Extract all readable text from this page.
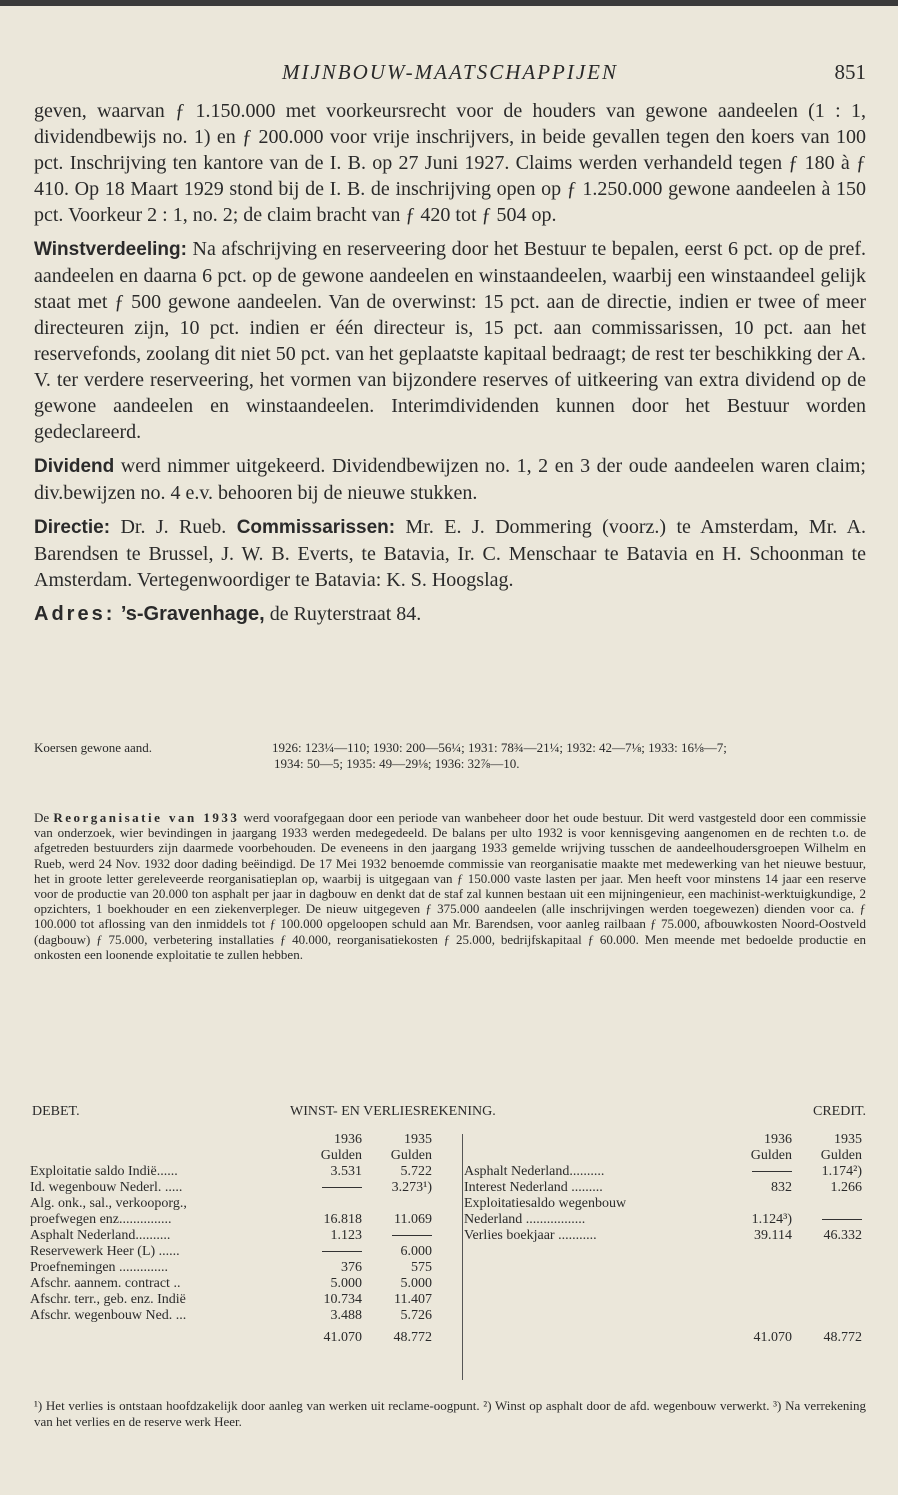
MIJNBOUW-MAATSCHAPPIJEN	851

geven, waarvan ƒ 1.150.000 met voorkeursrecht voor de houders van gewone aandeelen (1 : 1, dividendbewijs no. 1) en ƒ 200.000 voor vrije inschrijvers, in beide gevallen tegen den koers van 100 pct. Inschrijving ten kantore van de I. B. op 27 Juni 1927. Claims werden verhandeld tegen ƒ 180 à ƒ 410. Op 18 Maart 1929 stond bij de I. B. de inschrijving open op ƒ 1.250.000 gewone aandeelen à 150 pct. Voorkeur 2 : 1, no. 2; de claim bracht van ƒ 420 tot ƒ 504 op.

Winstverdeeling: Na afschrijving en reserveering door het Bestuur te bepalen, eerst 6 pct. op de pref. aandeelen en daarna 6 pct. op de gewone aandeelen en winstaandeelen, waarbij een winstaandeel gelijk staat met ƒ 500 gewone aandeelen. Van de overwinst: 15 pct. aan de directie, indien er twee of meer directeuren zijn, 10 pct. indien er één directeur is, 15 pct. aan commissarissen, 10 pct. aan het reservefonds, zoolang dit niet 50 pct. van het geplaatste kapitaal bedraagt; de rest ter beschikking der A. V. ter verdere reserveering, het vormen van bijzondere reserves of uitkeering van extra dividend op de gewone aandeelen en winstaandeelen. Interimdividenden kunnen door het Bestuur worden gedeclareerd.

Dividend werd nimmer uitgekeerd. Dividendbewijzen no. 1, 2 en 3 der oude aandeelen waren claim; div.bewijzen no. 4 e.v. behooren bij de nieuwe stukken.

Directie: Dr. J. Rueb. Commissarissen: Mr. E. J. Dommering (voorz.) te Amsterdam, Mr. A. Barendsen te Brussel, J. W. B. Everts, te Batavia, Ir. C. Menschaar te Batavia en H. Schoonman te Amsterdam. Vertegenwoordiger te Batavia: K. S. Hoogslag.

Adres: ’s-Gravenhage, de Ruyterstraat 84.

Koersen gewone aand.	1926: 123¼—110; 1930: 200—56¼; 1931: 78¾—21¼; 1932: 42—7⅛; 1933: 16⅛—7;
1934: 50—5; 1935: 49—29⅛; 1936: 32⅞—10.
De Reorganisatie van 1933 werd voorafgegaan door een periode van wanbeheer door het oude bestuur. Dit werd vastgesteld door een commissie van onderzoek, wier bevindingen in jaargang 1933 werden medegedeeld. De balans per ulto 1932 is voor kennisgeving aangenomen en de rechten t.o. de afgetreden bestuurders zijn daarmede voorbehouden. De eveneens in den jaargang 1933 gemelde wrijving tusschen de aandeelhoudersgroepen Wilhelm en Rueb, werd 24 Nov. 1932 door dading beëindigd. De 17 Mei 1932 benoemde commissie van reorganisatie maakte met medewerking van het nieuwe bestuur, het in groote letter gereleveerde reorganisatieplan op, waarbij is uitgegaan van ƒ 150.000 vaste lasten per jaar. Men heeft voor minstens 14 jaar een reserve voor de productie van 20.000 ton asphalt per jaar in dagbouw en denkt dat de staf zal kunnen bestaan uit een mijningenieur, een machinist-werktuigkundige, 2 opzichters, 1 boekhouder en een ziekenverpleger. De nieuw uitgegeven ƒ 375.000 aandeelen (alle inschrijvingen werden toegewezen) dienden voor ca. ƒ 100.000 tot aflossing van den inmiddels tot ƒ 100.000 opgeloopen schuld aan Mr. Barendsen, voor aanleg railbaan ƒ 75.000, afbouwkosten Noord-Oostveld (dagbouw) ƒ 75.000, verbetering installaties ƒ 40.000, reorganisatiekosten ƒ 25.000, bedrijfskapitaal ƒ 60.000. Men meende met bedoelde productie en onkosten een loonende exploitatie te zullen hebben.
DEBET.	WINST- EN VERLIESREKENING.	CREDIT.
	1936	1935
	Gulden	Gulden
Exploitatie saldo Indië......	3.531	5.722
Id. wegenbouw Nederl. .....		3.273¹)
Alg. onk., sal., verkooporg.,		
proefwegen enz...............	16.818	11.069
Asphalt Nederland..........	1.123	
Reservewerk Heer (L) ......		6.000
Proefnemingen ..............	376	575
Afschr. aannem. contract ..	5.000	5.000
Afschr. terr., geb. enz. Indië	10.734	11.407
Afschr. wegenbouw Ned. ...	3.488	5.726
	41.070	48.772
	1936	1935
	Gulden	Gulden
Asphalt Nederland..........		1.174²)
Interest Nederland .........	832	1.266
Exploitatiesaldo wegenbouw		
Nederland .................	1.124³)	
Verlies boekjaar ...........	39.114	46.332

	41.070	48.772
¹) Het verlies is ontstaan hoofdzakelijk door aanleg van werken uit reclame-oogpunt. ²) Winst op asphalt door de afd. wegenbouw verwerkt. ³) Na verrekening van het verlies en de reserve werk Heer.
